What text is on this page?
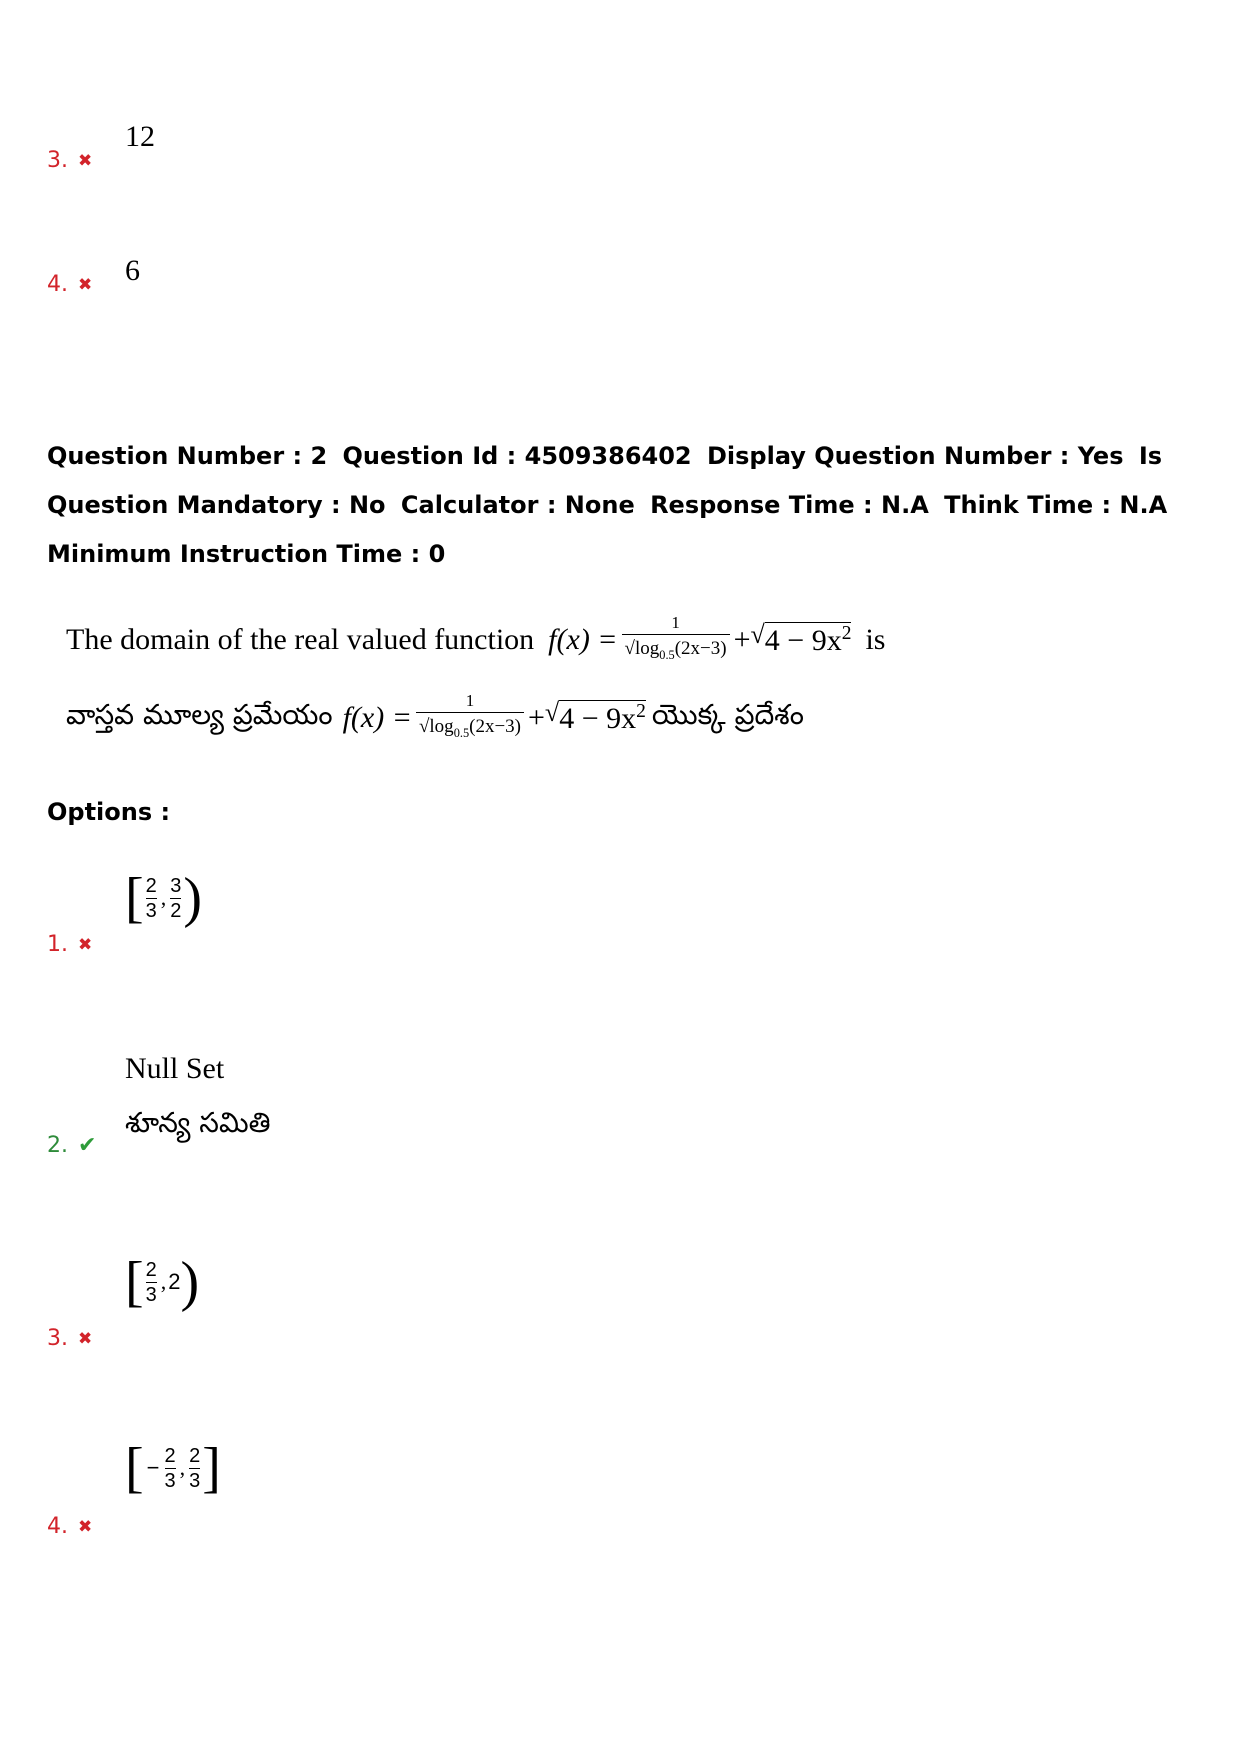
3. ✖
12
4. ✖ 6
Question Number : 2 Question Id : 4509386402 Display Question Number : Yes Is Question Mandatory : No Calculator : None Response Time : N.A Think Time : N.A Minimum Instruction Time : 0
The domain of the real valued function $f(x) = \frac{1}{√\log_{0.5}(2x-3)}$ + √ $4 - 9x^2$ is
వాస్తవ మూల్య ప్రమేయం $f(x) = \frac{1}{√\log_{0.5}(2x-3)}$ + √ $4 - 9x^2$ యొక్క ప్రదేశం
Options :
[ $\frac{2}{3}$ , $\frac{3}{2}$ )
1. ✖
Null Set
శూన్య సమితి
2. ✔
[ $\frac{2}{3}$ , 2 )
3. ✖
[ − $\frac{2}{3}$ , $\frac{2}{3}$ ]
4. ✖
